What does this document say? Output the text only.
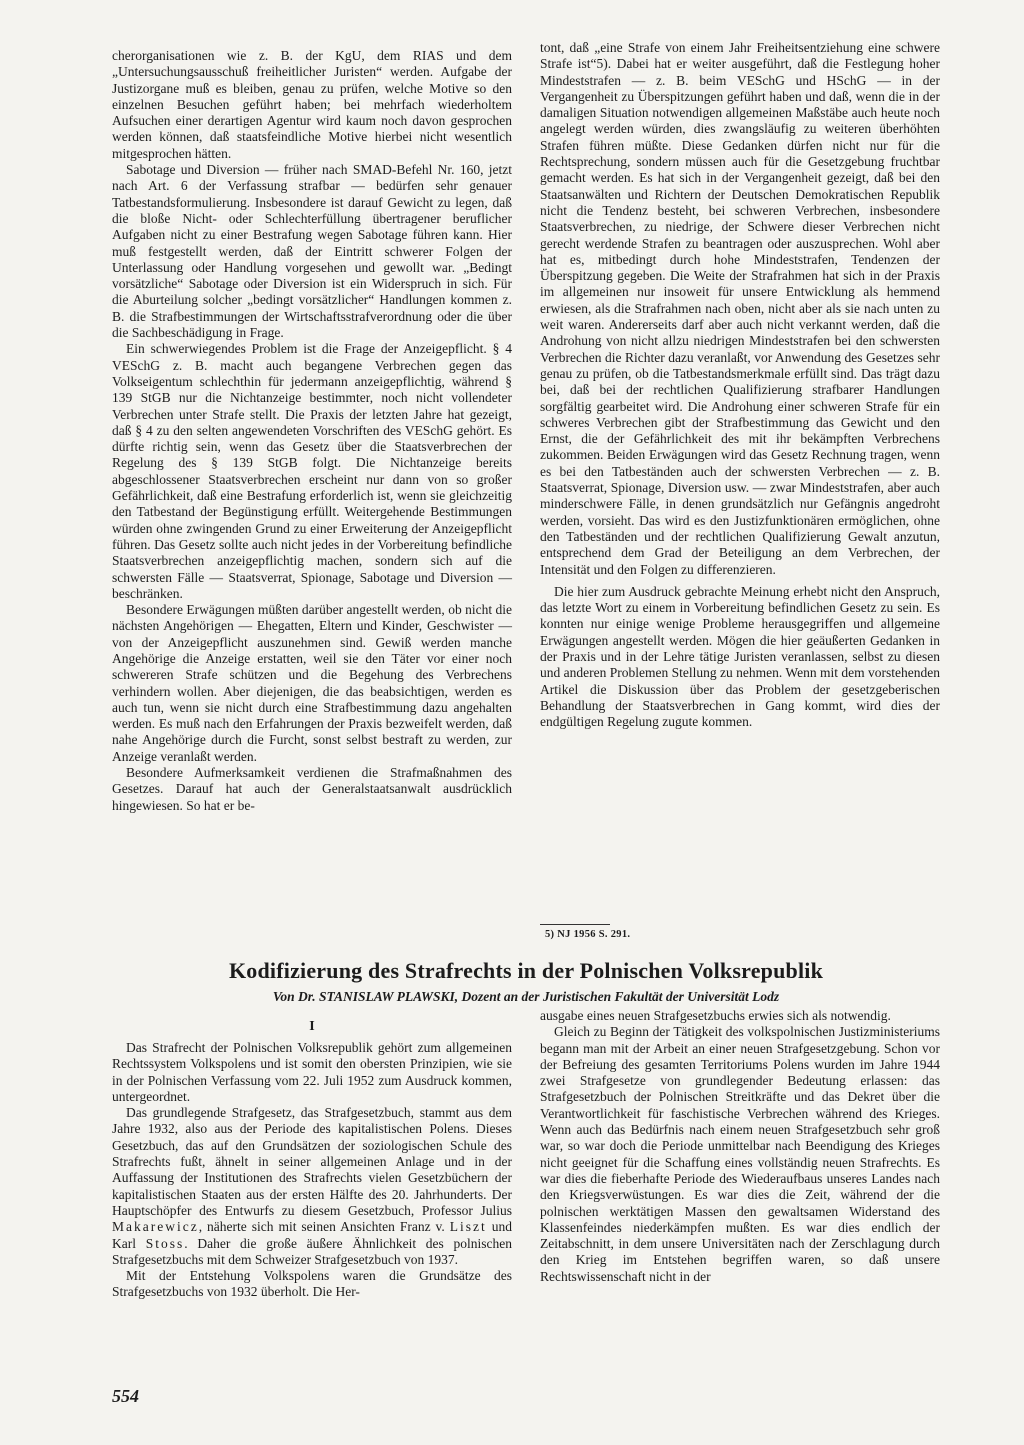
cherorganisationen wie z. B. der KgU, dem RIAS und dem „Untersuchungsausschuß freiheitlicher Juristen“ werden. Aufgabe der Justizorgane muß es bleiben, genau zu prüfen, welche Motive so den einzelnen Besuchen geführt haben; bei mehrfach wiederholtem Aufsuchen einer derartigen Agentur wird kaum noch davon gesprochen werden können, daß staatsfeindliche Motive hierbei nicht wesentlich mitgesprochen hätten.

Sabotage und Diversion — früher nach SMAD-Befehl Nr. 160, jetzt nach Art. 6 der Verfassung strafbar — bedürfen sehr genauer Tatbestandsformulierung. Insbesondere ist darauf Gewicht zu legen, daß die bloße Nicht- oder Schlechterfüllung übertragener beruflicher Aufgaben nicht zu einer Bestrafung wegen Sabotage führen kann. Hier muß festgestellt werden, daß der Eintritt schwerer Folgen der Unterlassung oder Handlung vorgesehen und gewollt war. „Bedingt vorsätzliche“ Sabotage oder Diversion ist ein Widerspruch in sich. Für die Aburteilung solcher „bedingt vorsätzlicher“ Handlungen kommen z. B. die Strafbestimmungen der Wirtschaftsstrafverordnung oder die über die Sachbeschädigung in Frage.

Ein schwerwiegendes Problem ist die Frage der Anzeigepflicht. § 4 VESchG z. B. macht auch begangene Verbrechen gegen das Volkseigentum schlechthin für jedermann anzeigepflichtig, während § 139 StGB nur die Nichtanzeige bestimmter, noch nicht vollendeter Verbrechen unter Strafe stellt. Die Praxis der letzten Jahre hat gezeigt, daß § 4 zu den selten angewendeten Vorschriften des VESchG gehört. Es dürfte richtig sein, wenn das Gesetz über die Staatsverbrechen der Regelung des § 139 StGB folgt. Die Nichtanzeige bereits abgeschlossener Staatsverbrechen erscheint nur dann von so großer Gefährlichkeit, daß eine Bestrafung erforderlich ist, wenn sie gleichzeitig den Tatbestand der Begünstigung erfüllt. Weitergehende Bestimmungen würden ohne zwingenden Grund zu einer Erweiterung der Anzeigepflicht führen. Das Gesetz sollte auch nicht jedes in der Vorbereitung befindliche Staatsverbrechen anzeigepflichtig machen, sondern sich auf die schwersten Fälle — Staatsverrat, Spionage, Sabotage und Diversion — beschränken.

Besondere Erwägungen müßten darüber angestellt werden, ob nicht die nächsten Angehörigen — Ehegatten, Eltern und Kinder, Geschwister — von der Anzeigepflicht auszunehmen sind. Gewiß werden manche Angehörige die Anzeige erstatten, weil sie den Täter vor einer noch schwereren Strafe schützen und die Begehung des Verbrechens verhindern wollen. Aber diejenigen, die das beabsichtigen, werden es auch tun, wenn sie nicht durch eine Strafbestimmung dazu angehalten werden. Es muß nach den Erfahrungen der Praxis bezweifelt werden, daß nahe Angehörige durch die Furcht, sonst selbst bestraft zu werden, zur Anzeige veranlaßt werden.

Besondere Aufmerksamkeit verdienen die Strafmaßnahmen des Gesetzes. Darauf hat auch der Generalstaatsanwalt ausdrücklich hingewiesen. So hat er be-

tont, daß „eine Strafe von einem Jahr Freiheitsentziehung eine schwere Strafe ist“5). Dabei hat er weiter ausgeführt, daß die Festlegung hoher Mindeststrafen — z. B. beim VESchG und HSchG — in der Vergangenheit zu Überspitzungen geführt haben und daß, wenn die in der damaligen Situation notwendigen allgemeinen Maßstäbe auch heute noch angelegt werden würden, dies zwangsläufig zu weiteren überhöhten Strafen führen müßte. Diese Gedanken dürfen nicht nur für die Rechtsprechung, sondern müssen auch für die Gesetzgebung fruchtbar gemacht werden. Es hat sich in der Vergangenheit gezeigt, daß bei den Staatsanwälten und Richtern der Deutschen Demokratischen Republik nicht die Tendenz besteht, bei schweren Verbrechen, insbesondere Staatsverbrechen, zu niedrige, der Schwere dieser Verbrechen nicht gerecht werdende Strafen zu beantragen oder auszusprechen. Wohl aber hat es, mitbedingt durch hohe Mindeststrafen, Tendenzen der Überspitzung gegeben. Die Weite der Strafrahmen hat sich in der Praxis im allgemeinen nur insoweit für unsere Entwicklung als hemmend erwiesen, als die Strafrahmen nach oben, nicht aber als sie nach unten zu weit waren. Andererseits darf aber auch nicht verkannt werden, daß die Androhung von nicht allzu niedrigen Mindeststrafen bei den schwersten Verbrechen die Richter dazu veranlaßt, vor Anwendung des Gesetzes sehr genau zu prüfen, ob die Tatbestandsmerkmale erfüllt sind. Das trägt dazu bei, daß bei der rechtlichen Qualifizierung strafbarer Handlungen sorgfältig gearbeitet wird. Die Androhung einer schweren Strafe für ein schweres Verbrechen gibt der Strafbestimmung das Gewicht und den Ernst, die der Gefährlichkeit des mit ihr bekämpften Verbrechens zukommen. Beiden Erwägungen wird das Gesetz Rechnung tragen, wenn es bei den Tatbeständen auch der schwersten Verbrechen — z. B. Staatsverrat, Spionage, Diversion usw. — zwar Mindeststrafen, aber auch minderschwere Fälle, in denen grundsätzlich nur Gefängnis angedroht werden, vorsieht. Das wird es den Justizfunktionären ermöglichen, ohne den Tatbeständen und der rechtlichen Qualifizierung Gewalt anzutun, entsprechend dem Grad der Beteiligung an dem Verbrechen, der Intensität und den Folgen zu differenzieren.

Die hier zum Ausdruck gebrachte Meinung erhebt nicht den Anspruch, das letzte Wort zu einem in Vorbereitung befindlichen Gesetz zu sein. Es konnten nur einige wenige Probleme herausgegriffen und allgemeine Erwägungen angestellt werden. Mögen die hier geäußerten Gedanken in der Praxis und in der Lehre tätige Juristen veranlassen, selbst zu diesen und anderen Problemen Stellung zu nehmen. Wenn mit dem vorstehenden Artikel die Diskussion über das Problem der gesetzgeberischen Behandlung der Staatsverbrechen in Gang kommt, wird dies der endgültigen Regelung zugute kommen.

5) NJ 1956 S. 291.
Kodifizierung des Strafrechts in der Polnischen Volksrepublik
Von Dr. STANISLAW PLAWSKI, Dozent an der Juristischen Fakultät der Universität Lodz
I

Das Strafrecht der Polnischen Volksrepublik gehört zum allgemeinen Rechtssystem Volkspolens und ist somit den obersten Prinzipien, wie sie in der Polnischen Verfassung vom 22. Juli 1952 zum Ausdruck kommen, untergeordnet.

Das grundlegende Strafgesetz, das Strafgesetzbuch, stammt aus dem Jahre 1932, also aus der Periode des kapitalistischen Polens. Dieses Gesetzbuch, das auf den Grundsätzen der soziologischen Schule des Strafrechts fußt, ähnelt in seiner allgemeinen Anlage und in der Auffassung der Institutionen des Strafrechts vielen Gesetzbüchern der kapitalistischen Staaten aus der ersten Hälfte des 20. Jahrhunderts. Der Hauptschöpfer des Entwurfs zu diesem Gesetzbuch, Professor Julius Makarewicz, näherte sich mit seinen Ansichten Franz v. Liszt und Karl Stoss. Daher die große äußere Ähnlichkeit des polnischen Strafgesetzbuchs mit dem Schweizer Strafgesetzbuch von 1937.

Mit der Entstehung Volkspolens waren die Grundsätze des Strafgesetzbuchs von 1932 überholt. Die Her-

ausgabe eines neuen Strafgesetzbuchs erwies sich als notwendig.

Gleich zu Beginn der Tätigkeit des volkspolnischen Justizministeriums begann man mit der Arbeit an einer neuen Strafgesetzgebung. Schon vor der Befreiung des gesamten Territoriums Polens wurden im Jahre 1944 zwei Strafgesetze von grundlegender Bedeutung erlassen: das Strafgesetzbuch der Polnischen Streitkräfte und das Dekret über die Verantwortlichkeit für faschistische Verbrechen während des Krieges. Wenn auch das Bedürfnis nach einem neuen Strafgesetzbuch sehr groß war, so war doch die Periode unmittelbar nach Beendigung des Krieges nicht geeignet für die Schaffung eines vollständig neuen Strafrechts. Es war dies die fieberhafte Periode des Wiederaufbaus unseres Landes nach den Kriegsverwüstungen. Es war dies die Zeit, während der die polnischen werktätigen Massen den gewaltsamen Widerstand des Klassenfeindes niederkämpfen mußten. Es war dies endlich der Zeitabschnitt, in dem unsere Universitäten nach der Zerschlagung durch den Krieg im Entstehen begriffen waren, so daß unsere Rechtswissenschaft nicht in der

554
